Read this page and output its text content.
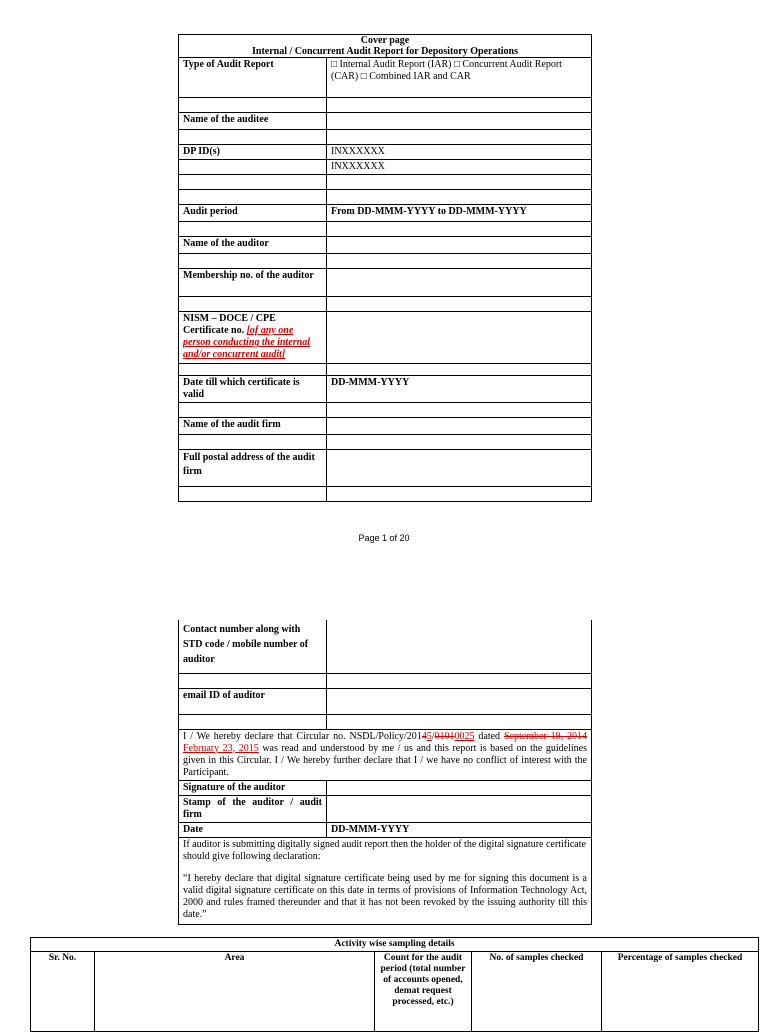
Cover page
Internal / Concurrent Audit Report for Depository Operations	

Type of Audit Report	□ Internal Audit Report (IAR) □ Concurrent Audit Report (CAR) □ Combined IAR and CAR

Name of the auditee	

DP ID(s)	INXXXXXX
	INXXXXXX

Audit period	From DD-MMM-YYYY to DD-MMM-YYYY

Name of the auditor	

Membership no. of the auditor	

NISM – DOCE / CPE Certificate no. [of any one person conducting the internal and/or concurrent audit]	

Date till which certificate is valid	DD-MMM-YYYY

Name of the audit firm	

Full postal address of the audit firm	

Page 1 of 20
Contact number along with STD code / mobile number of auditor	

email ID of auditor	

I / We hereby declare that Circular no. NSDL/Policy/20145/01010025 dated September 19, 2014 February 23, 2015 was read and understood by me / us and this report is based on the guidelines given in this Circular. I / We hereby further declare that I / we have no conflict of interest with the Participant.	
Signature of the auditor	
Stamp of the auditor / audit firm	
Date	DD-MMM-YYYY

If auditor is submitting digitally signed audit report then the holder of the digital signature certificate should give following declaration:
“I hereby declare that digital signature certificate being used by me for signing this document is a valid digital signature certificate on this date in terms of provisions of Information Technology Act, 2000 and rules framed thereunder and that it has not been revoked by the issuing authority till this date.”	
Activity wise sampling details
Sr. No.	Area	Count for the audit period (total number of accounts opened, demat request processed, etc.)	No. of samples checked	Percentage of samples checked
